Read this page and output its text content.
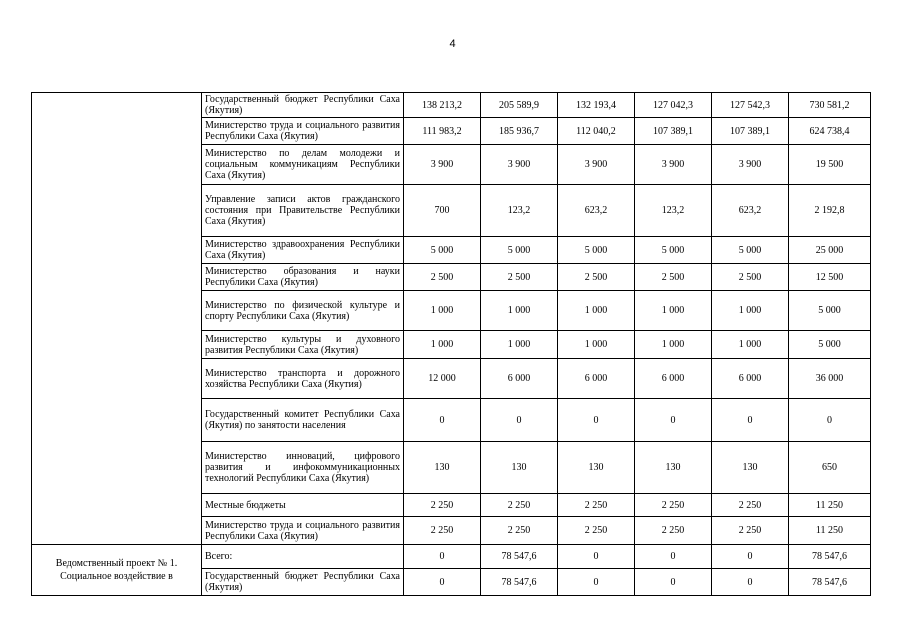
4
	Государственный бюджет Республики Саха (Якутия)	138 213,2	205 589,9	132 193,4	127 042,3	127 542,3	730 581,2
	Министерство труда и социального развития Республики Саха (Якутия)	111 983,2	185 936,7	112 040,2	107 389,1	107 389,1	624 738,4
	Министерство по делам молодежи и социальным коммуникациям Республики Саха (Якутия)	3 900	3 900	3 900	3 900	3 900	19 500
	Управление записи актов гражданского состояния при Правительстве Республики Саха (Якутия)	700	123,2	623,2	123,2	623,2	2 192,8
	Министерство здравоохранения Республики Саха (Якутия)	5 000	5 000	5 000	5 000	5 000	25 000
	Министерство образования и науки Республики Саха (Якутия)	2 500	2 500	2 500	2 500	2 500	12 500
	Министерство по физической культуре и спорту Республики Саха (Якутия)	1 000	1 000	1 000	1 000	1 000	5 000
	Министерство культуры и духовного развития Республики Саха (Якутия)	1 000	1 000	1 000	1 000	1 000	5 000
	Министерство транспорта и дорожного хозяйства Республики Саха (Якутия)	12 000	6 000	6 000	6 000	6 000	36 000
	Государственный комитет Республики Саха (Якутия) по занятости населения	0	0	0	0	0	0
	Министерство инноваций, цифрового развития и инфокоммуникационных технологий Республики Саха (Якутия)	130	130	130	130	130	650
	Местные бюджеты	2 250	2 250	2 250	2 250	2 250	11 250
	Министерство труда и социального развития Республики Саха (Якутия)	2 250	2 250	2 250	2 250	2 250	11 250
Ведомственный проект № 1. Социальное воздействие в	Всего:	0	78 547,6	0	0	0	78 547,6
	Государственный бюджет Республики Саха (Якутия)	0	78 547,6	0	0	0	78 547,6
